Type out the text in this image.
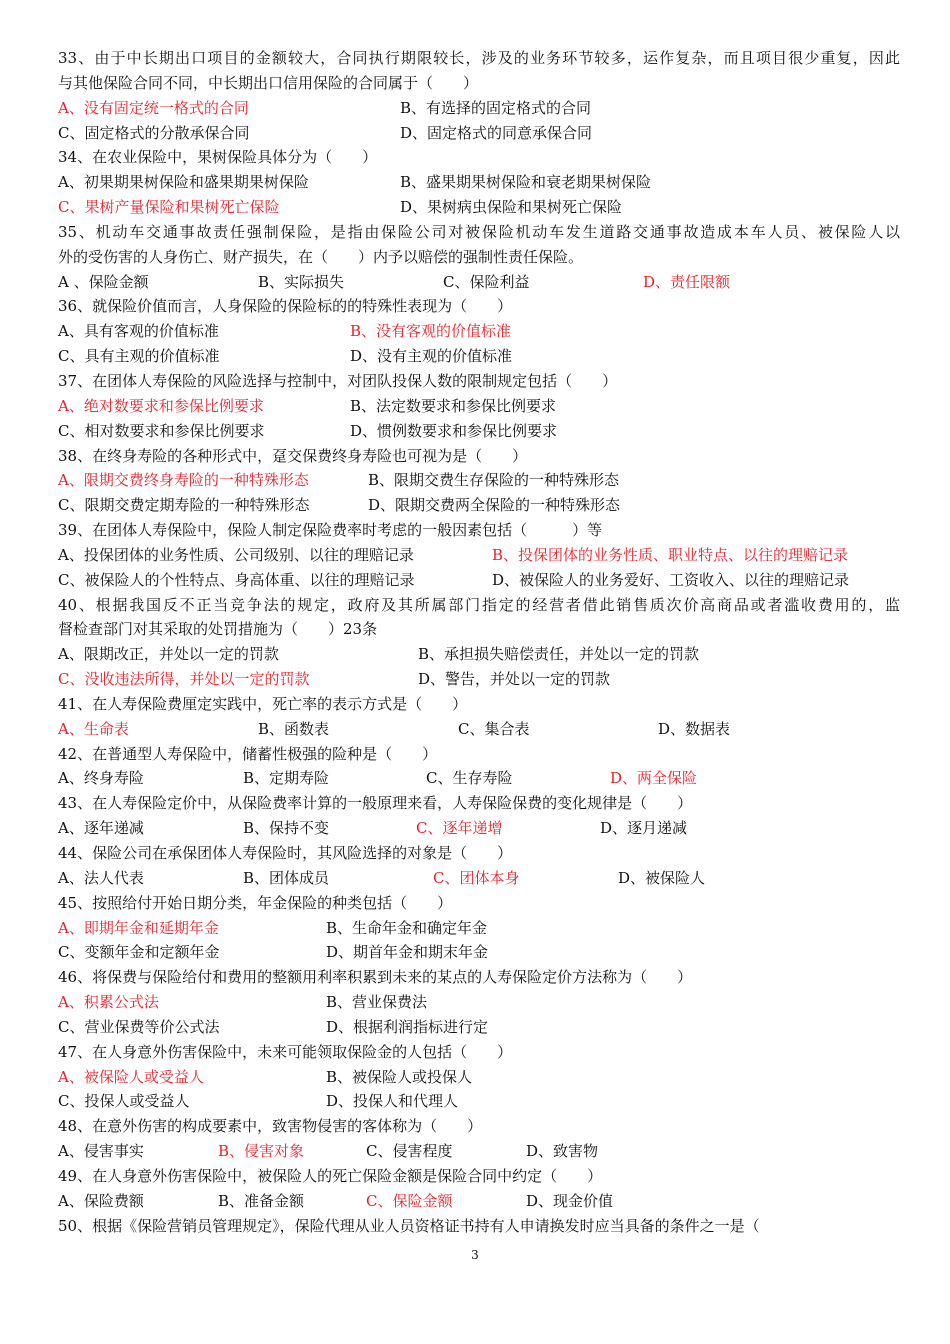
33、由于中长期出口项目的金额较大，合同执行期限较长，涉及的业务环节较多，运作复杂，而且项目很少重复，因此
与其他保险合同不同，中长期出口信用保险的合同属于（　　）
A、没有固定统一格式的合同	B、有选择的固定格式的合同
C、固定格式的分散承保合同	D、固定格式的同意承保合同
34、在农业保险中，果树保险具体分为（　　）
A、初果期果树保险和盛果期果树保险	B、盛果期果树保险和衰老期果树保险
C、果树产量保险和果树死亡保险	D、果树病虫保险和果树死亡保险
35、机动车交通事故责任强制保险，是指由保险公司对被保险机动车发生道路交通事故造成本车人员、被保险人以
外的受伤害的人身伤亡、财产损失，在（　　）内予以赔偿的强制性责任保险。
A 、保险金额	B、实际损失	C、保险利益	D、责任限额
36、就保险价值而言，人身保险的保险标的的特殊性表现为（　　）
A、具有客观的价值标准	B、没有客观的价值标准
C、具有主观的价值标准	D、没有主观的价值标准
37、在团体人寿保险的风险选择与控制中，对团队投保人数的限制规定包括（　　）
A、绝对数要求和参保比例要求	B、法定数要求和参保比例要求
C、相对数要求和参保比例要求	D、惯例数要求和参保比例要求
38、在终身寿险的各种形式中，趸交保费终身寿险也可视为是（　　）
A、限期交费终身寿险的一种特殊形态	B、限期交费生存保险的一种特殊形态
C、限期交费定期寿险的一种特殊形态	D、限期交费两全保险的一种特殊形态
39、在团体人寿保险中，保险人制定保险费率时考虑的一般因素包括（　　　）等
A、投保团体的业务性质、公司级别、以往的理赔记录	B、投保团体的业务性质、职业特点、以往的理赔记录
C、被保险人的个性特点、身高体重、以往的理赔记录	D、被保险人的业务爱好、工资收入、以往的理赔记录
40、根据我国反不正当竞争法的规定，政府及其所属部门指定的经营者借此销售质次价高商品或者滥收费用的，监
督检查部门对其采取的处罚措施为（　　）23条
A、限期改正，并处以一定的罚款	B、承担损失赔偿责任，并处以一定的罚款
C、没收违法所得，并处以一定的罚款	D、警告，并处以一定的罚款
41、在人寿保险费厘定实践中，死亡率的表示方式是（　　）
A、生命表	B、函数表	C、集合表	D、数据表
42、在普通型人寿保险中，储蓄性极强的险种是（　　）
A、终身寿险	B、定期寿险	C、生存寿险	D、两全保险
43、在人寿保险定价中，从保险费率计算的一般原理来看，人寿保险保费的变化规律是（　　）
A、逐年递减	B、保持不变	C、逐年递增	D、逐月递减
44、保险公司在承保团体人寿保险时，其风险选择的对象是（　　）
A、法人代表	B、团体成员	C、团体本身	D、被保险人
45、按照给付开始日期分类，年金保险的种类包括（　　）
A、即期年金和延期年金	B、生命年金和确定年金
C、变额年金和定额年金	D、期首年金和期末年金
46、将保费与保险给付和费用的整额用利率积累到未来的某点的人寿保险定价方法称为（　　）
A、积累公式法	B、营业保费法
C、营业保费等价公式法	D、根据利润指标进行定
47、在人身意外伤害保险中，未来可能领取保险金的人包括（　　）
A、被保险人或受益人	B、被保险人或投保人
C、投保人或受益人	D、投保人和代理人
48、在意外伤害的构成要素中，致害物侵害的客体称为（　　）
A、侵害事实	B、侵害对象	C、侵害程度	D、致害物
49、在人身意外伤害保险中，被保险人的死亡保险金额是保险合同中约定（　　）
A、保险费额	B、准备金额	C、保险金额	D、现金价值
50、根据《保险营销员管理规定》，保险代理从业人员资格证书持有人申请换发时应当具备的条件之一是（
3
